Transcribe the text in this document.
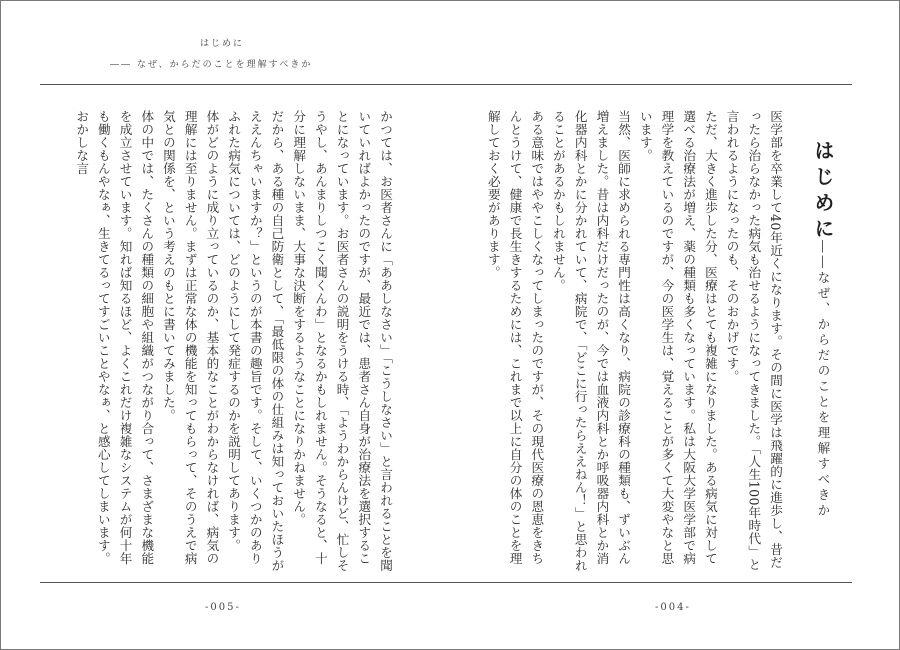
はじめに
―― なぜ、からだのことを理解すべきか
はじめに
――なぜ、からだのことを理解すべきか

医学部を卒業して40年近くになります。その間に医学は飛躍的に進歩し、昔だったら治らなかった病気も治せるようになってきました。「人生100年時代」と言われるようになったのも、そのおかげです。

ただ、大きく進歩した分、医療はとても複雑になりました。ある病気に対して選べる治療法が増え、薬の種類も多くなっています。私は大阪大学医学部で病理学を教えているのですが、今の医学生は、覚えることが多くて大変やなと思います。

当然、医師に求められる専門性は高くなり、病院の診療科の種類も、ずいぶん増えました。昔は内科だけだったのが、今では血液内科とか呼吸器内科とか消化器内科とかに分かれていて、病院で、「どこに行ったらええねん！」と思われることがあるかもしれません。

ある意味ではややこしくなってしまったのですが、その現代医療の恩恵をきちんとうけて、健康で長生きするためには、これまで以上に自分の体のことを理解しておく必要があります。

かつては、お医者さんに「ああしなさい」「こうしなさい」と言われることを聞いていればよかったのですが、最近では、患者さん自身が治療法を選択することになっています。お医者さんの説明をうける時、「ようわからんけど、忙しそうやし、あんまりしつこく聞くんわ」となるかもしれません。そうなると、十分に理解しないまま、大事な決断をするようなことになりかねません。

だから、ある種の自己防衛として、「最低限の体の仕組みは知っておいたほうがええんちゃいますか？」というのが本書の趣旨です。そして、いくつかのありふれた病気については、どのようにして発症するのかを説明してあります。

体がどのように成り立っているのか、基本的なことがわからなければ、病気の理解には至りません。まずは正常な体の機能を知ってもらって、そのうえで病気との関係を、という考えのもとに書いてみました。

体の中では、たくさんの種類の細胞や組織がつながり合って、さまざまな機能を成立させています。知れば知るほど、よくこれだけ複雑なシステムが何十年も働くもんやなぁ、生きてるってすごいことやなぁ、と感心してしまいます。おかしな言

-005-	-004-
